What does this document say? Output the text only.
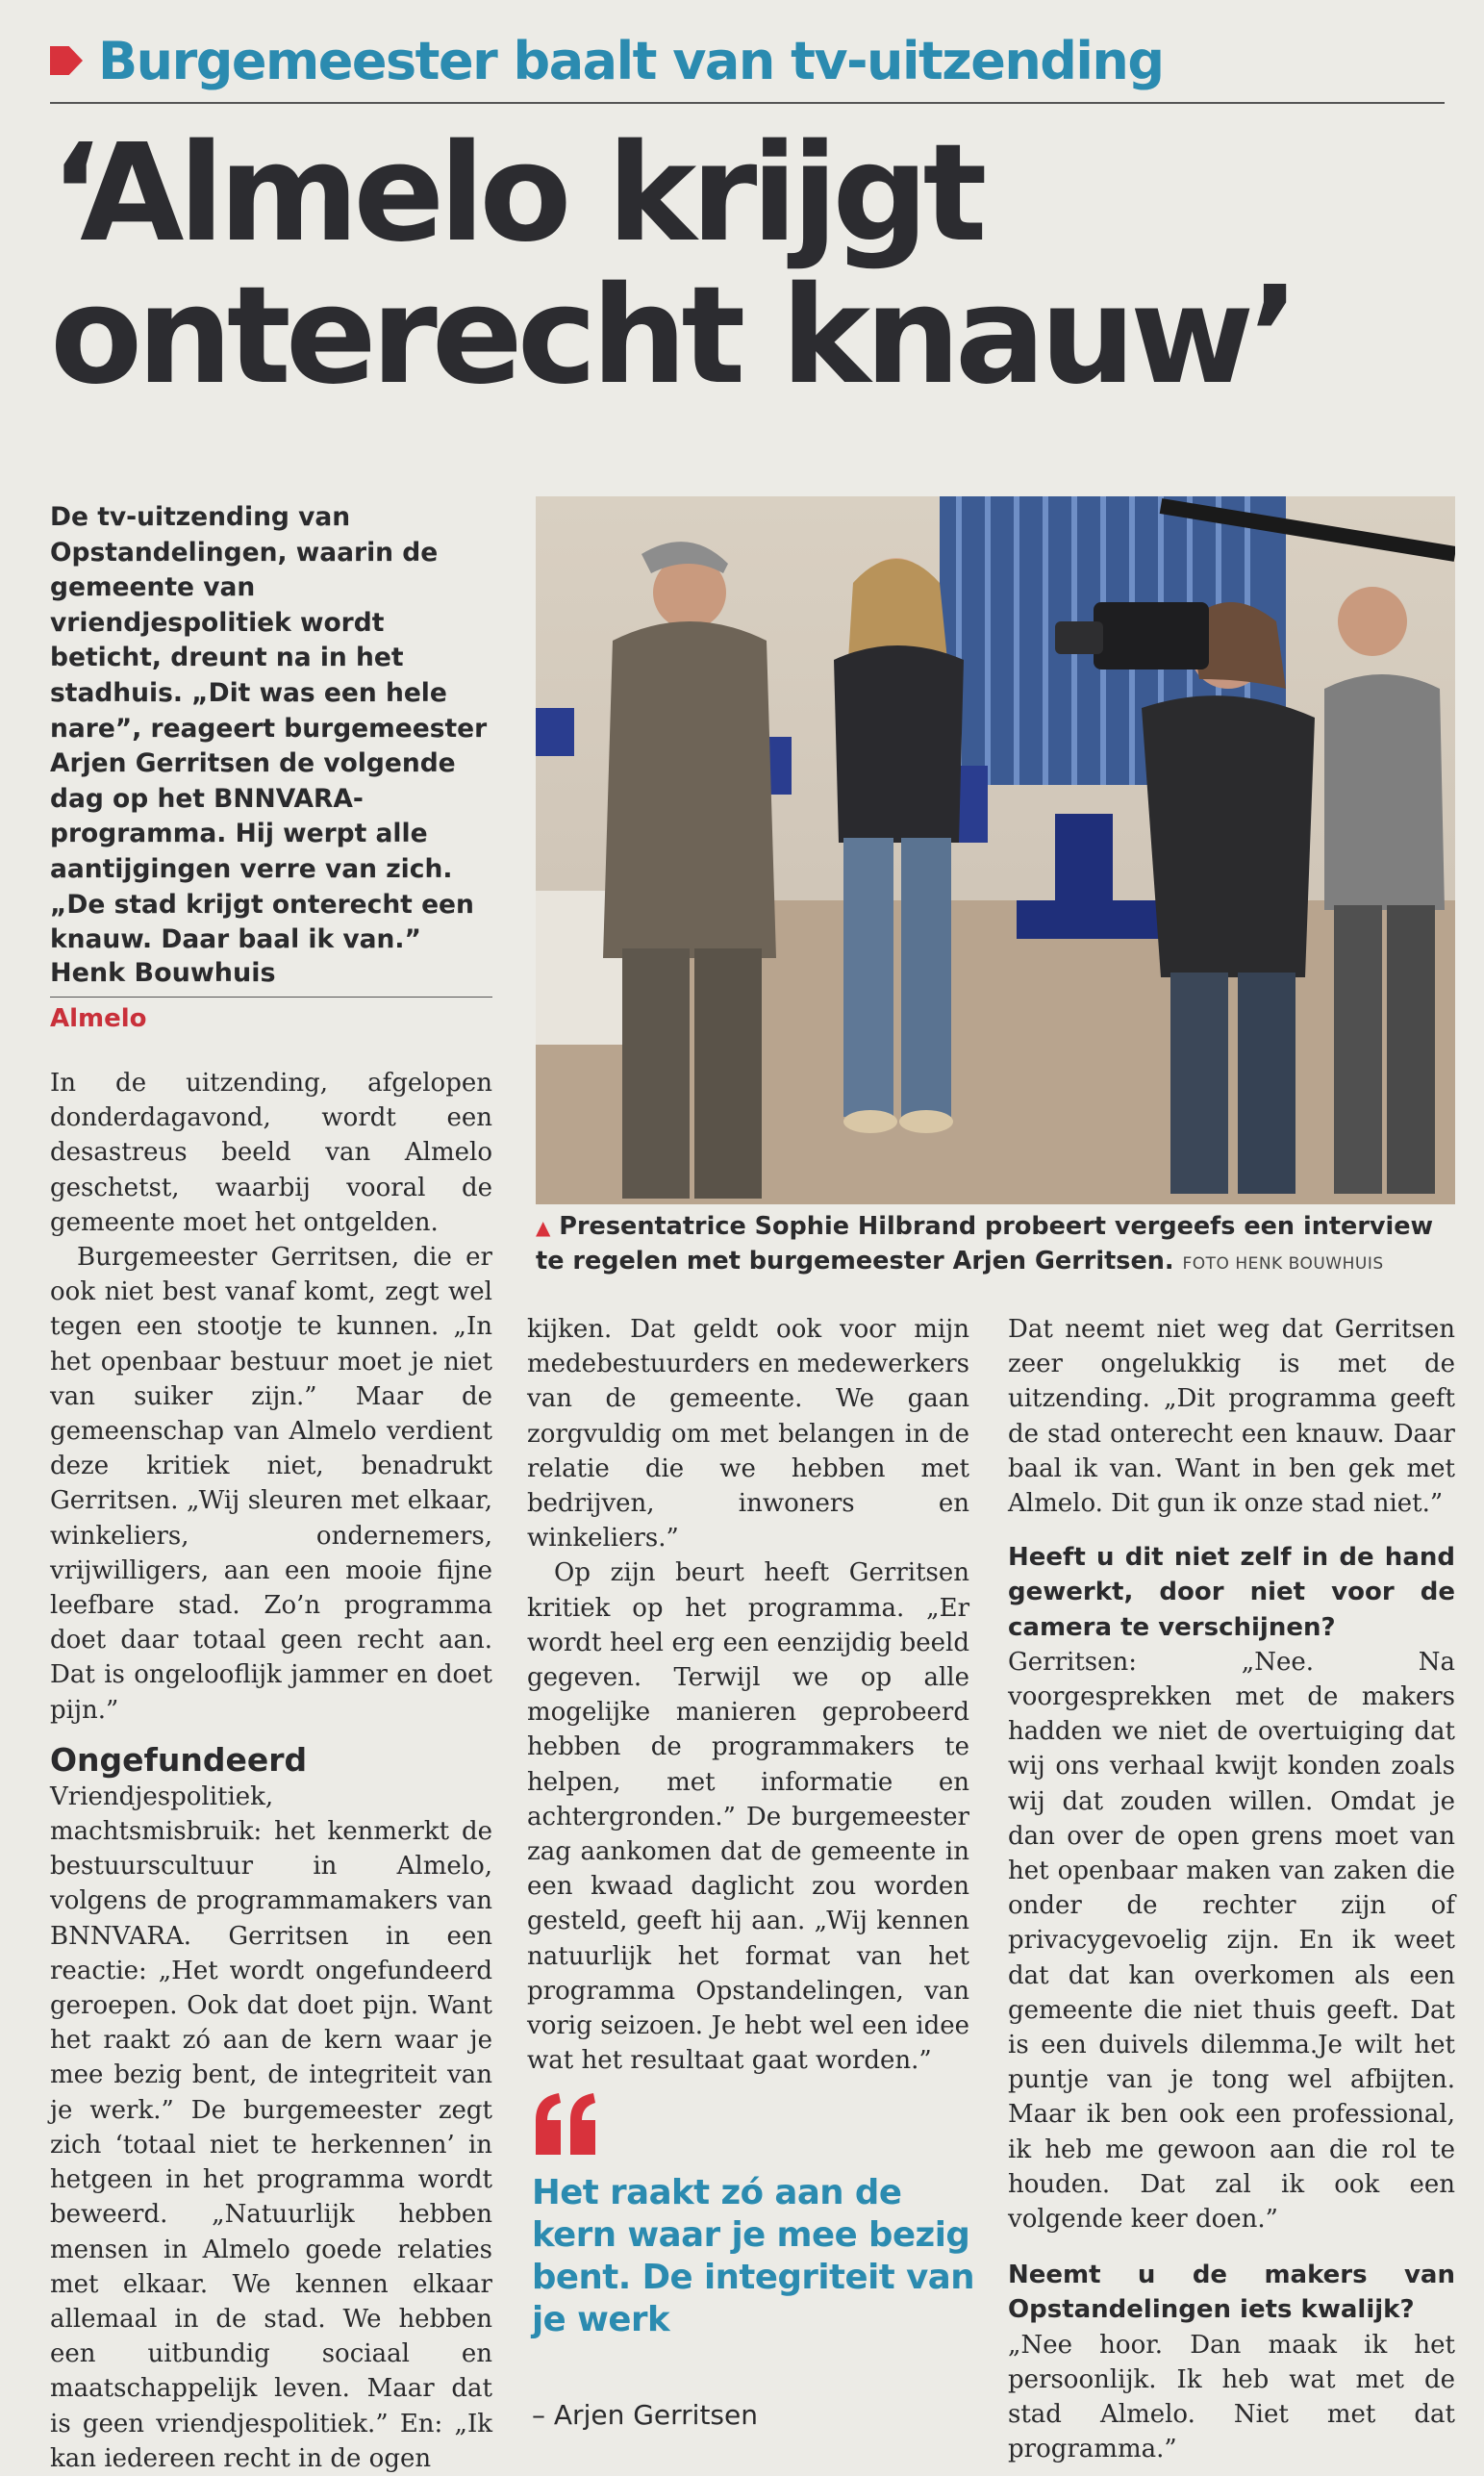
Burgemeester baalt van tv-uitzending
‘Almelo krijgt
onterecht knauw’
De tv-uitzending van Opstandelingen, waarin de gemeente van vriendjespolitiek wordt beticht, dreunt na in het stadhuis. „Dit was een hele nare”, reageert burgemeester Arjen Gerritsen de volgende dag op het BNNVARA-programma. Hij werpt alle aantijgingen verre van zich. „De stad krijgt onterecht een knauw. Daar baal ik van.”
Henk Bouwhuis
Almelo
▲ Presentatrice Sophie Hilbrand probeert vergeefs een interview te regelen met burgemeester Arjen Gerritsen. FOTO HENK BOUWHUIS

In de uitzending, afgelopen donderdagavond, wordt een desastreus beeld van Almelo geschetst, waarbij vooral de gemeente moet het ontgelden.

Burgemeester Gerritsen, die er ook niet best vanaf komt, zegt wel tegen een stootje te kunnen. „In het openbaar bestuur moet je niet van suiker zijn.” Maar de gemeenschap van Almelo verdient deze kritiek niet, benadrukt Gerritsen. „Wij sleuren met elkaar, winkeliers, ondernemers, vrijwilligers, aan een mooie fijne leefbare stad. Zo’n programma doet daar totaal geen recht aan. Dat is ongelooflijk jammer en doet pijn.”

Ongefundeerd

Vriendjespolitiek, machtsmisbruik: het kenmerkt de bestuurscultuur in Almelo, volgens de programmamakers van BNNVARA. Gerritsen in een reactie: „Het wordt ongefundeerd geroepen. Ook dat doet pijn. Want het raakt zó aan de kern waar je mee bezig bent, de integriteit van je werk.” De burgemeester zegt zich ‘totaal niet te herkennen’ in hetgeen in het programma wordt beweerd. „Natuurlijk hebben mensen in Almelo goede relaties met elkaar. We kennen elkaar allemaal in de stad. We hebben een uitbundig sociaal en maatschappelijk leven. Maar dat is geen vriendjespolitiek.” En: „Ik kan iedereen recht in de ogen

kijken. Dat geldt ook voor mijn medebestuurders en medewerkers van de gemeente. We gaan zorgvuldig om met belangen in de relatie die we hebben met bedrijven, inwoners en winkeliers.”

Op zijn beurt heeft Gerritsen kritiek op het programma. „Er wordt heel erg een eenzijdig beeld gegeven. Terwijl we op alle mogelijke manieren geprobeerd hebben de programmakers te helpen, met informatie en achtergronden.” De burgemeester zag aankomen dat de gemeente in een kwaad daglicht zou worden gesteld, geeft hij aan. „Wij kennen natuurlijk het format van het programma Opstandelingen, van vorig seizoen. Je hebt wel een idee wat het resultaat gaat worden.”

Het raakt zó aan de kern waar je mee bezig bent. De integriteit van je werk
– Arjen Gerritsen

Dat neemt niet weg dat Gerritsen zeer ongelukkig is met de uitzending. „Dit programma geeft de stad onterecht een knauw. Daar baal ik van. Want in ben gek met Almelo. Dit gun ik onze stad niet.”

Heeft u dit niet zelf in de hand gewerkt, door niet voor de camera te verschijnen?

Gerritsen: „Nee. Na voorgesprekken met de makers hadden we niet de overtuiging dat wij ons verhaal kwijt konden zoals wij dat zouden willen. Omdat je dan over de open grens moet van het openbaar maken van zaken die onder de rechter zijn of privacygevoelig zijn. En ik weet dat dat kan overkomen als een gemeente die niet thuis geeft. Dat is een duivels dilemma.Je wilt het puntje van je tong wel afbijten. Maar ik ben ook een professional, ik heb me gewoon aan die rol te houden. Dat zal ik ook een volgende keer doen.”

Neemt u de makers van Opstandelingen iets kwalijk?

„Nee hoor. Dan maak ik het persoonlijk. Ik heb wat met de stad Almelo. Niet met dat programma.”
